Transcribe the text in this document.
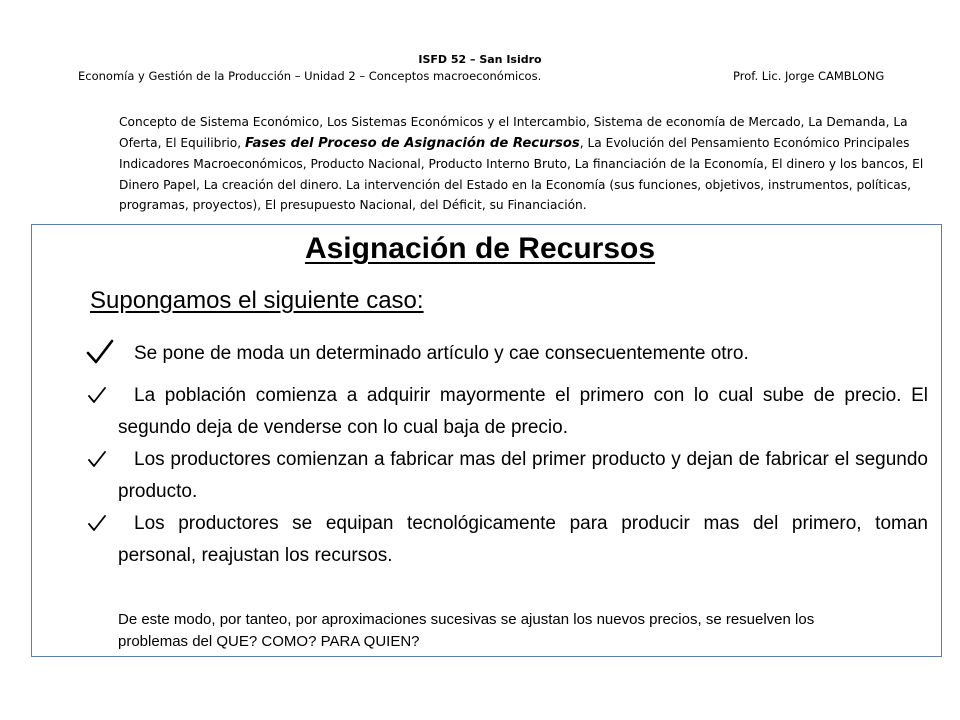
ISFD 52 – San Isidro
Economía y Gestión de la Producción – Unidad 2 – Conceptos macroeconómicos.	Prof. Lic. Jorge CAMBLONG
Concepto de Sistema Económico, Los Sistemas Económicos y el Intercambio, Sistema de economía de Mercado, La Demanda, La Oferta, El Equilibrio, Fases del Proceso de Asignación de Recursos, La Evolución del Pensamiento Económico Principales Indicadores Macroeconómicos, Producto Nacional, Producto Interno Bruto, La financiación de la Economía, El dinero y los bancos, El Dinero Papel, La creación del dinero. La intervención del Estado en la Economía (sus funciones, objetivos, instrumentos, políticas, programas, proyectos), El presupuesto Nacional, del Déficit, su Financiación.
Asignación de Recursos
Supongamos el siguiente caso:
Se pone de moda un determinado artículo y cae consecuentemente otro.
La población comienza a adquirir mayormente el primero con lo cual sube de precio. El segundo deja de venderse con lo cual baja de precio.
Los productores comienzan a fabricar mas del primer producto y dejan de fabricar el segundo producto.
Los productores se equipan tecnológicamente para producir mas del primero, toman personal, reajustan los recursos.
De este modo, por tanteo, por aproximaciones sucesivas se ajustan los nuevos precios, se resuelven los problemas del QUE? COMO? PARA QUIEN?
